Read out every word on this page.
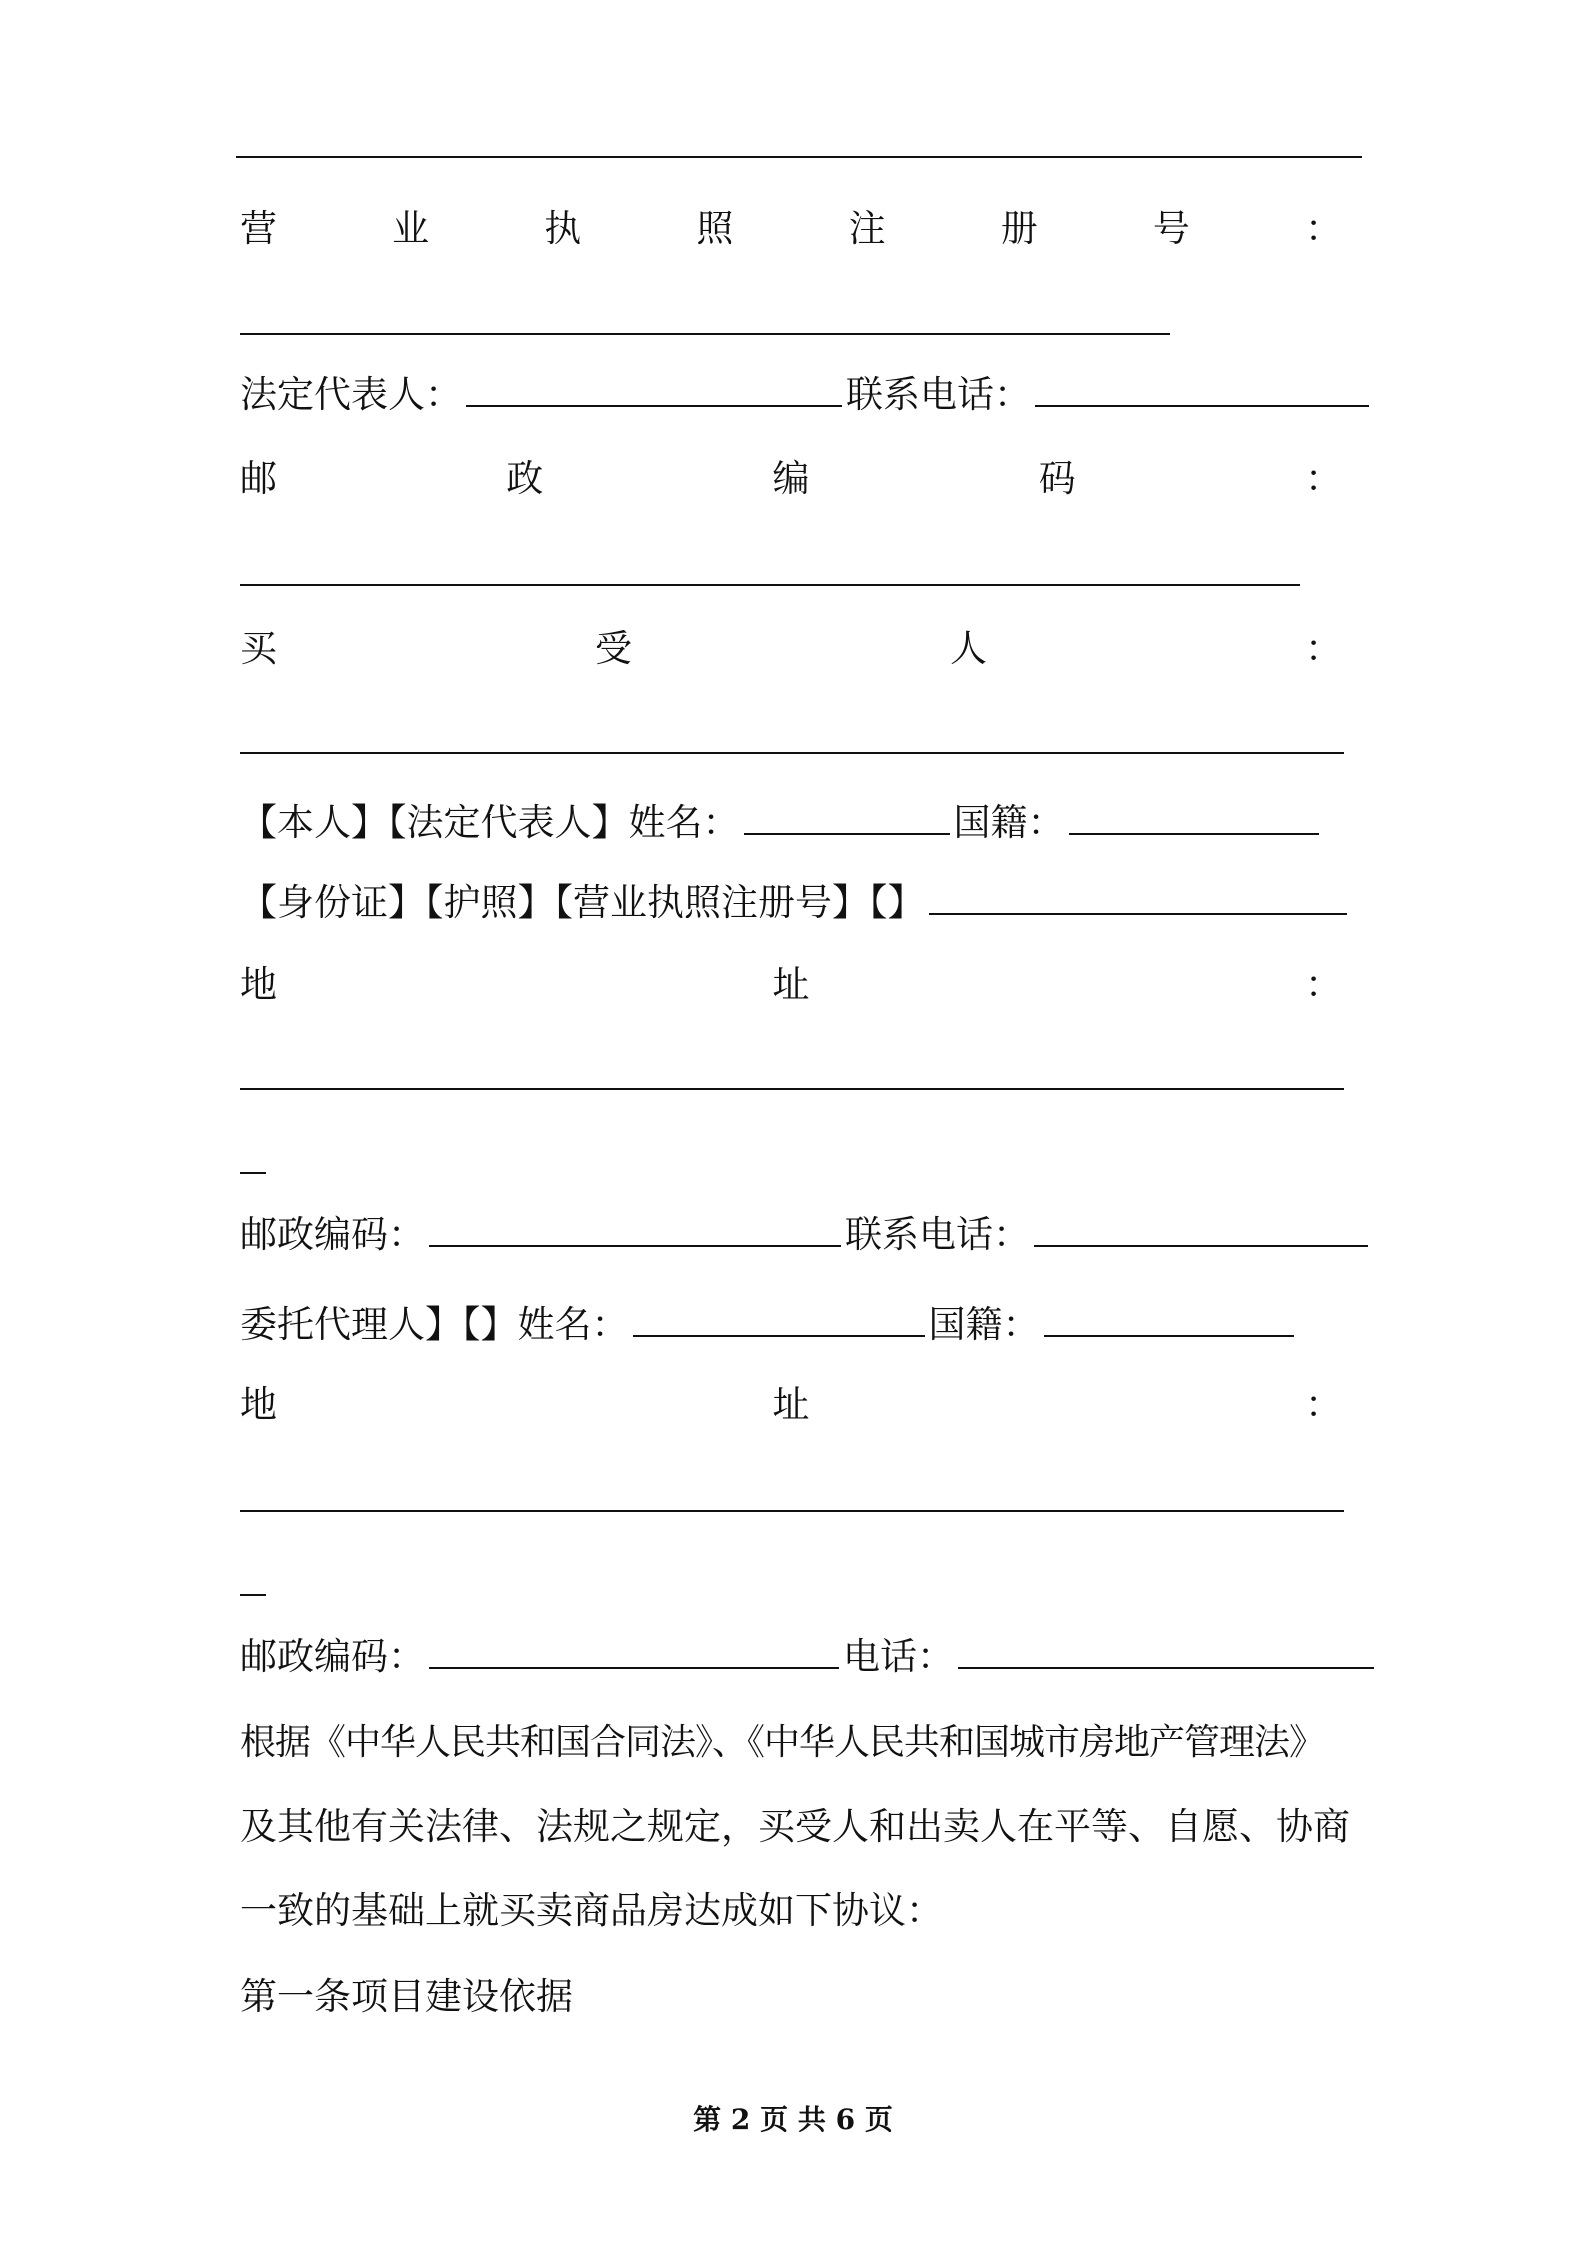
营	业	执	照	注	册	号	：
法定代表人：	联系电话：
邮	政	编	码	：
买	受	人	：
【本人】【法定代表人】姓名：	国籍：
【身份证】【护照】【营业执照注册号】【】
地	址	：
邮政编码：	联系电话：
委托代理人】【】姓名：	国籍：
地	址	：
邮政编码：	电话：
根据《中华人民共和国合同法》、《中华人民共和国城市房地产管理法》
及其他有关法律、法规之规定，买受人和出卖人在平等、自愿、协商
一致的基础上就买卖商品房达成如下协议：
第一条项目建设依据
第 2 页 共 6 页
